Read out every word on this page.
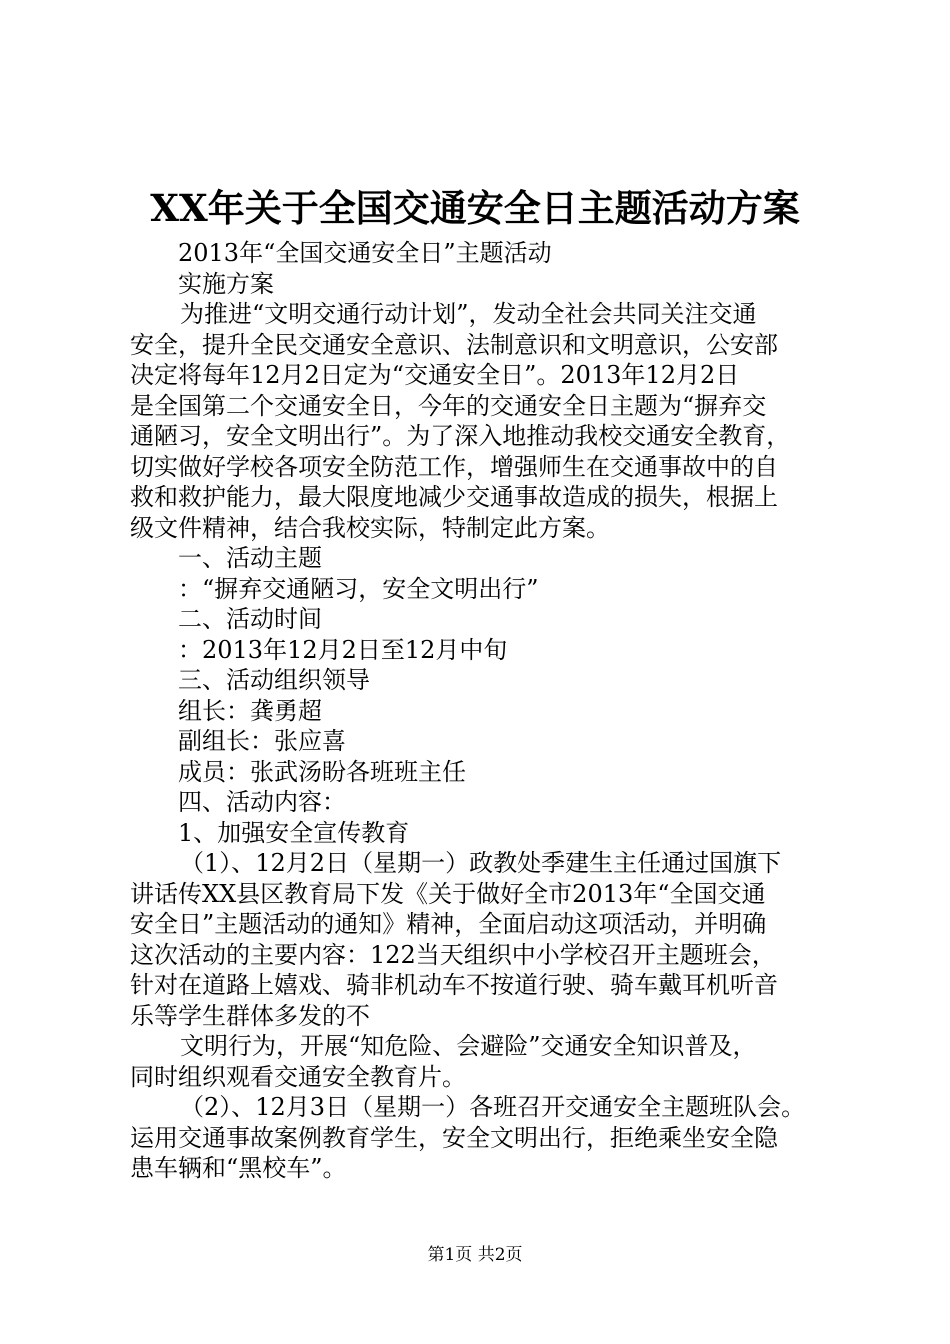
XX年关于全国交通安全日主题活动方案
2013年“全国交通安全日”主题活动
实施方案
为推进“文明交通行动计划”，发动全社会共同关注交通
安全，提升全民交通安全意识、法制意识和文明意识，公安部
决定将每年12月2日定为“交通安全日”。2013年12月2日
是全国第二个交通安全日，今年的交通安全日主题为“摒弃交
通陋习，安全文明出行”。为了深入地推动我校交通安全教育，
切实做好学校各项安全防范工作，增强师生在交通事故中的自
救和救护能力，最大限度地减少交通事故造成的损失，根据上
级文件精神，结合我校实际，特制定此方案。
一、活动主题
：“摒弃交通陋习，安全文明出行”
二、活动时间
：2013年12月2日至12月中旬
三、活动组织领导
组长：龚勇超
副组长：张应喜
成员：张武汤盼各班班主任
四、活动内容：
1、加强安全宣传教育
（1）、12月2日（星期一）政教处季建生主任通过国旗下
讲话传XX县区教育局下发《关于做好全市2013年“全国交通
安全日”主题活动的通知》精神，全面启动这项活动，并明确
这次活动的主要内容：122当天组织中小学校召开主题班会，
针对在道路上嬉戏、骑非机动车不按道行驶、骑车戴耳机听音
乐等学生群体多发的不
文明行为，开展“知危险、会避险”交通安全知识普及，
同时组织观看交通安全教育片。
（2）、12月3日（星期一）各班召开交通安全主题班队会。
运用交通事故案例教育学生，安全文明出行，拒绝乘坐安全隐
患车辆和“黑校车”。
第1页 共2页
